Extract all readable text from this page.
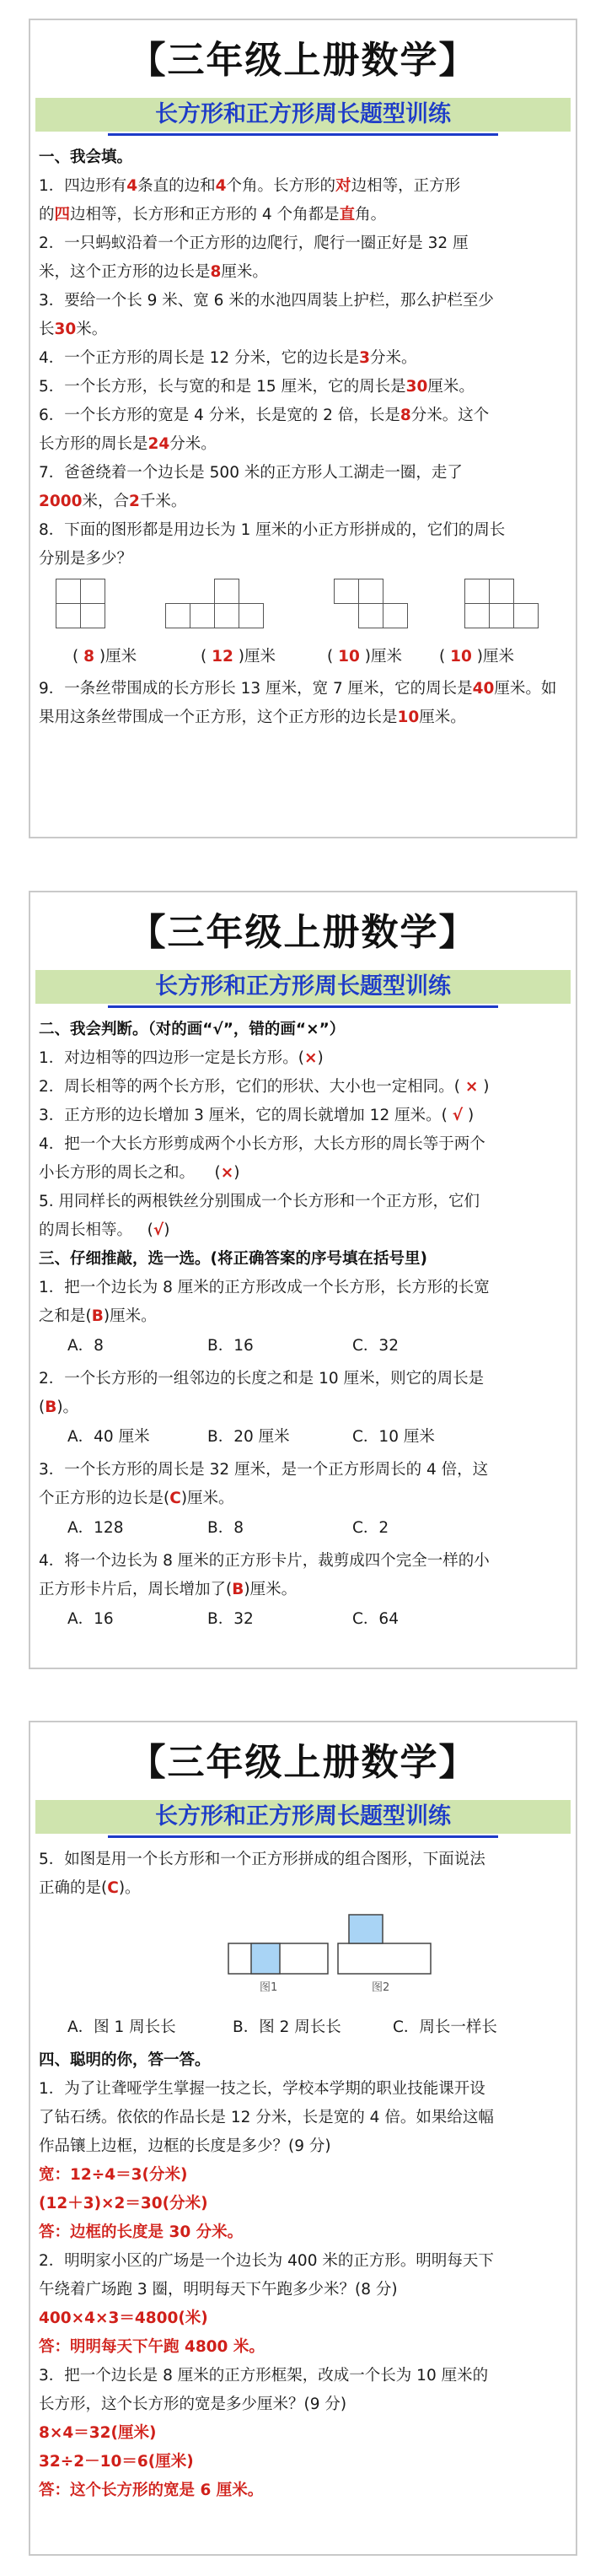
【三年级上册数学】
长方形和正方形周长题型训练

一、我会填。

1．四边形有4条直的边和4个角。长方形的对边相等，正方形
的四边相等，长方形和正方形的 4 个角都是直角。

2．一只蚂蚁沿着一个正方形的边爬行，爬行一圈正好是 32 厘
米，这个正方形的边长是8厘米。

3．要给一个长 9 米、宽 6 米的水池四周装上护栏，那么护栏至少
长30米。

4．一个正方形的周长是 12 分米，它的边长是3分米。

5．一个长方形，长与宽的和是 15 厘米，它的周长是30厘米。

6．一个长方形的宽是 4 分米，长是宽的 2 倍，长是8分米。这个
长方形的周长是24分米。

7．爸爸绕着一个边长是 500 米的正方形人工湖走一圈，走了
2000米，合2千米。

8．下面的图形都是用边长为 1 厘米的小正方形拼成的，它们的周长
分别是多少？

( 8 )厘米	( 12 )厘米	( 10 )厘米 ( 10 )厘米

9．一条丝带围成的长方形长 13 厘米，宽 7 厘米，它的周长是40厘米。如果用这条丝带围成一个正方形，这个正方形的边长是10厘米。

【三年级上册数学】
长方形和正方形周长题型训练

二、我会判断。（对的画“√”，错的画“×”）

1．对边相等的四边形一定是长方形。(×)

2．周长相等的两个长方形，它们的形状、大小也一定相同。( × )

3．正方形的边长增加 3 厘米，它的周长就增加 12 厘米。( √ )

4．把一个大长方形剪成两个小长方形，大长方形的周长等于两个
小长方形的周长之和。 (×)

5. 用同样长的两根铁丝分别围成一个长方形和一个正方形，它们
的周长相等。 (√)

三、仔细推敲，选一选。(将正确答案的序号填在括号里)

1．把一个边长为 8 厘米的正方形改成一个长方形，长方形的长宽
之和是(B)厘米。

A．8	B．16	C．32

2．一个长方形的一组邻边的长度之和是 10 厘米，则它的周长是
(B)。

A．40 厘米	B．20 厘米	C．10 厘米

3．一个长方形的周长是 32 厘米，是一个正方形周长的 4 倍，这
个正方形的边长是(C)厘米。

A．128	B．8	C．2

4．将一个边长为 8 厘米的正方形卡片，裁剪成四个完全一样的小
正方形卡片后，周长增加了(B)厘米。

A．16	B．32	C．64
【三年级上册数学】
长方形和正方形周长题型训练

5．如图是用一个长方形和一个正方形拼成的组合图形，下面说法
正确的是(C)。

图1	图2
A．图 1 周长长	B．图 2 周长长	C．周长一样长

四、聪明的你，答一答。

1．为了让聋哑学生掌握一技之长，学校本学期的职业技能课开设
了钻石绣。依依的作品长是 12 分米，长是宽的 4 倍。如果给这幅
作品镶上边框，边框的长度是多少？(9 分)

宽：12÷4＝3(分米)

(12＋3)×2＝30(分米)

答：边框的长度是 30 分米。

2．明明家小区的广场是一个边长为 400 米的正方形。明明每天下
午绕着广场跑 3 圈，明明每天下午跑多少米？(8 分)

400×4×3＝4800(米)

答：明明每天下午跑 4800 米。

3．把一个边长是 8 厘米的正方形框架，改成一个长为 10 厘米的
长方形，这个长方形的宽是多少厘米？(9 分)

8×4＝32(厘米)

32÷2－10＝6(厘米)

答：这个长方形的宽是 6 厘米。
